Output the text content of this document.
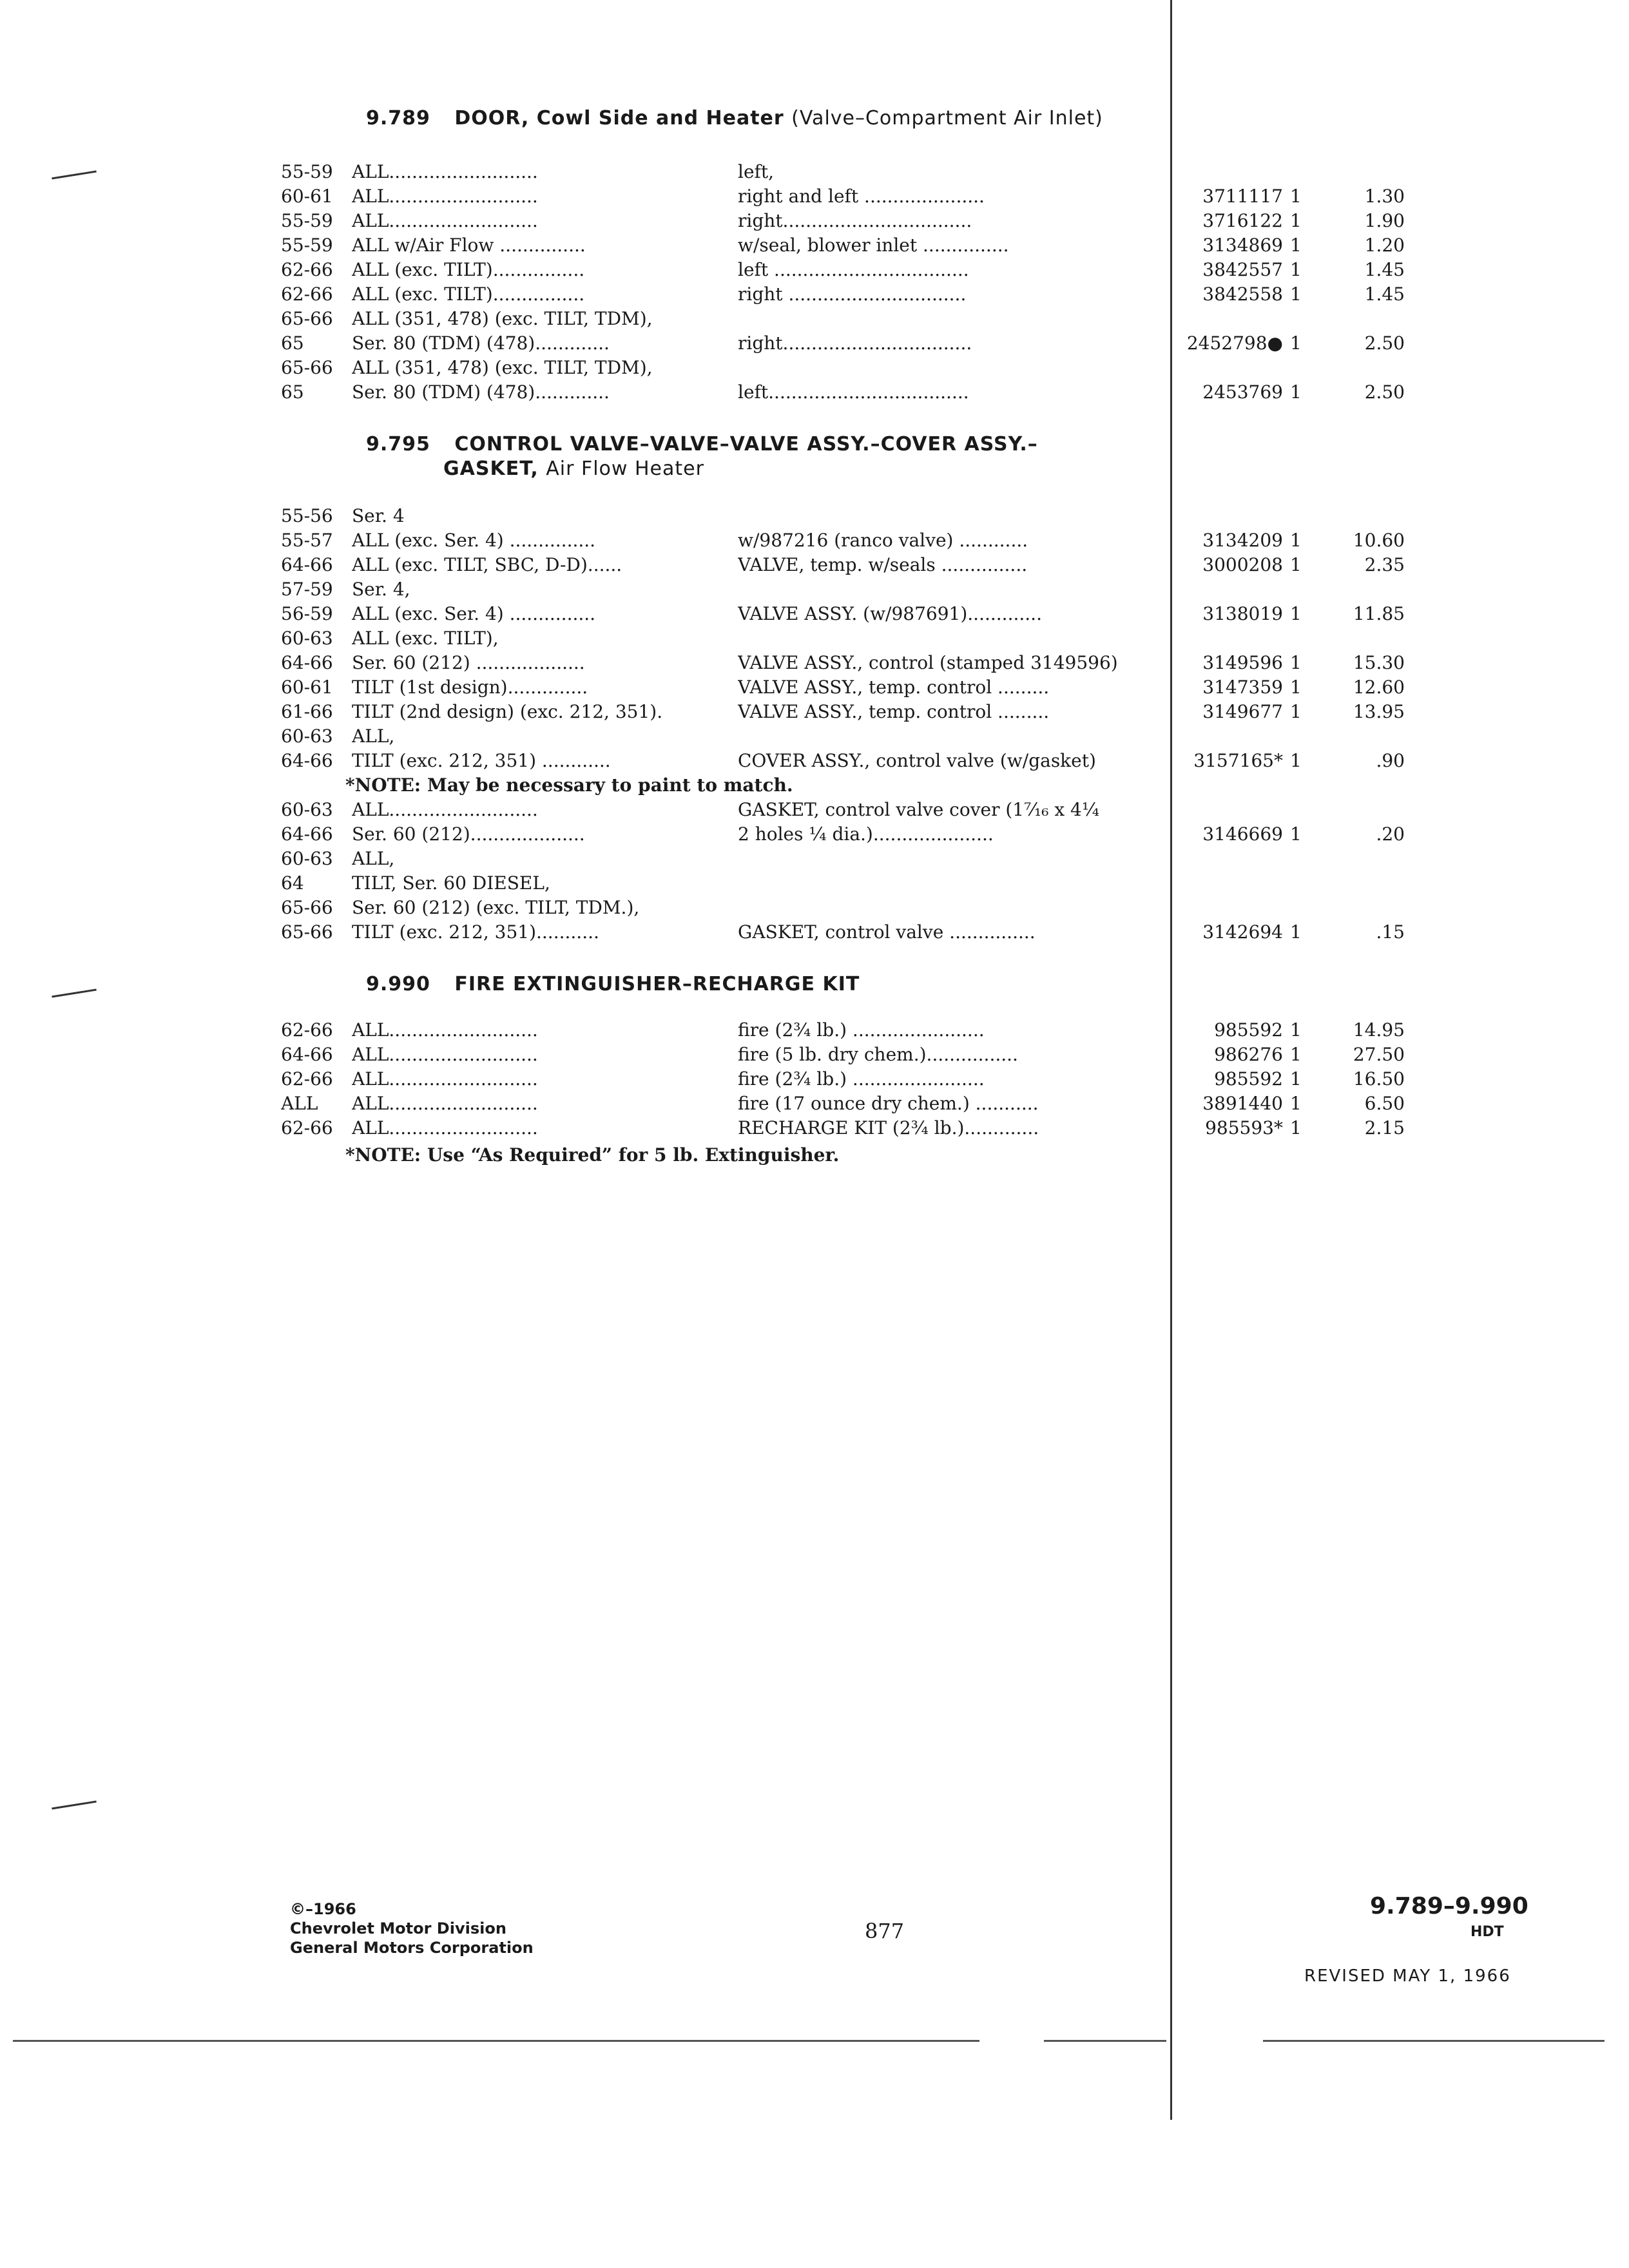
9.789 DOOR, Cowl Side and Heater (Valve–Compartment Air Inlet)
55-59 ALL..........................	left,
60-61 ALL..........................	right and left .....................	3711117 1	1.30
55-59 ALL..........................	right.................................	3716122 1	1.90
55-59 ALL w/Air Flow ...............	w/seal, blower inlet ...............	3134869 1	1.20
62-66 ALL (exc. TILT)................	left ..................................	3842557 1	1.45
62-66 ALL (exc. TILT)................	right ...............................	3842558 1	1.45
65-66 ALL (351, 478) (exc. TILT, TDM),
65	Ser. 80 (TDM) (478).............	right.................................	2452798● 1	2.50
65-66 ALL (351, 478) (exc. TILT, TDM),
65	Ser. 80 (TDM) (478).............	left...................................	2453769 1	2.50
9.795 CONTROL VALVE–VALVE–VALVE ASSY.–COVER ASSY.–
GASKET, Air Flow Heater
55-56 Ser. 4
55-57 ALL (exc. Ser. 4) ...............	w/987216 (ranco valve) ............	3134209 1	10.60
64-66 ALL (exc. TILT, SBC, D-D)......	VALVE, temp. w/seals ...............	3000208 1	2.35
57-59 Ser. 4,
56-59 ALL (exc. Ser. 4) ...............	VALVE ASSY. (w/987691).............	3138019 1	11.85
60-63 ALL (exc. TILT),
64-66 Ser. 60 (212) ...................	VALVE ASSY., control (stamped 3149596)	3149596 1	15.30
60-61 TILT (1st design)..............	VALVE ASSY., temp. control .........	3147359 1	12.60
61-66 TILT (2nd design) (exc. 212, 351).	VALVE ASSY., temp. control .........	3149677 1	13.95
60-63 ALL,
64-66 TILT (exc. 212, 351) ............	COVER ASSY., control valve (w/gasket)	3157165* 1	.90
*NOTE: May be necessary to paint to match.
60-63 ALL..........................	GASKET, control valve cover (1⁷⁄₁₆ x 4¼
64-66 Ser. 60 (212)....................	2 holes ¼ dia.).....................	3146669 1	.20
60-63 ALL,
64	TILT, Ser. 60 DIESEL,
65-66 Ser. 60 (212) (exc. TILT, TDM.),
65-66 TILT (exc. 212, 351)...........	GASKET, control valve ...............	3142694 1	.15
9.990 FIRE EXTINGUISHER–RECHARGE KIT
62-66 ALL..........................	fire (2¾ lb.) .......................	985592 1	14.95
64-66 ALL..........................	fire (5 lb. dry chem.)................	986276 1	27.50
62-66 ALL..........................	fire (2¾ lb.) .......................	985592 1	16.50
ALL ALL..........................	fire (17 ounce dry chem.) ...........	3891440 1	6.50
62-66 ALL..........................	RECHARGE KIT (2¾ lb.).............	985593* 1	2.15
*NOTE: Use “As Required” for 5 lb. Extinguisher.
©–1966
Chevrolet Motor Division
General Motors Corporation
877
9.789–9.990
HDT
REVISED MAY 1, 1966
